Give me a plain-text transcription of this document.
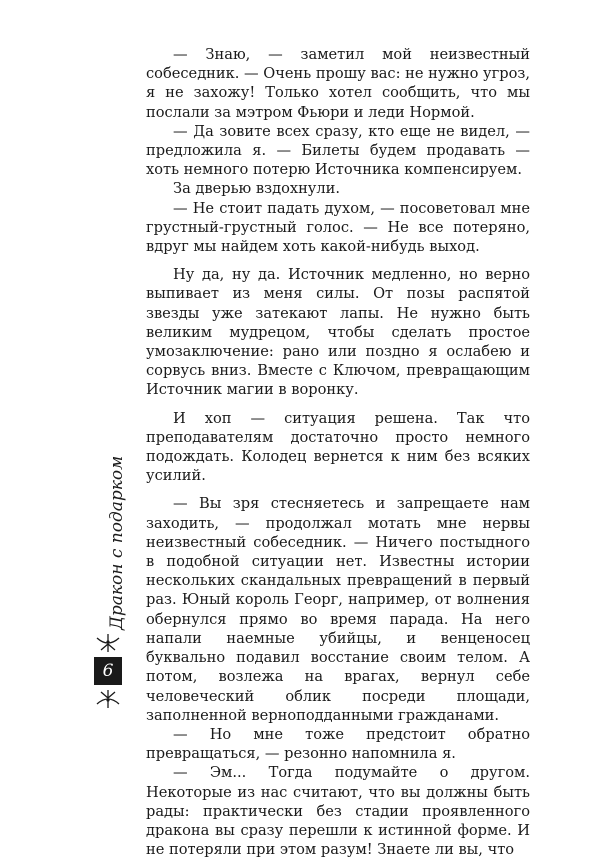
— Знаю, — заметил мой неизвестный собеседник. — Очень прошу вас: не нужно угроз, я не захожу! Только хотел сообщить, что мы послали за мэтром Фьюри и леди Нормой.

— Да зовите всех сразу, кто еще не видел, — предложила я. — Билеты будем продавать — хоть немного потерю Источника компенсируем.

За дверью вздохнули.

— Не стоит падать духом, — посоветовал мне грустный-грустный голос. — Не все потеряно, вдруг мы найдем хоть какой-нибудь выход.

Ну да, ну да. Источник медленно, но верно выпивает из меня силы. От позы распятой звезды уже затекают лапы. Не нужно быть великим мудрецом, чтобы сделать простое умозаключение: рано или поздно я ослабею и сорвусь вниз. Вместе с Ключом, превращающим Источник магии в воронку.

И хоп — ситуация решена. Так что преподавателям достаточно просто немного подождать. Колодец вернется к ним без всяких усилий.

— Вы зря стесняетесь и запрещаете нам заходить, — продолжал мотать мне нервы неизвестный собеседник. — Ничего постыдного в подобной ситуации нет. Известны истории нескольких скандальных превращений в первый раз. Юный король Георг, например, от волнения обернулся прямо во время парада. На него напали наемные убийцы, и венценосец буквально подавил восстание своим телом. А потом, возлежа на врагах, вернул себе человеческий облик посреди площади, заполненной верноподданными гражданами.

— Но мне тоже предстоит обратно превращаться, — резонно напомнила я.

— Эм... Тогда подумайте о другом. Некоторые из нас считают, что вы должны быть рады: практически без стадии проявленного дракона вы сразу перешли к истинной форме. И не потеряли при этом разум! Знаете ли вы, что

Дракон с подарком
6
